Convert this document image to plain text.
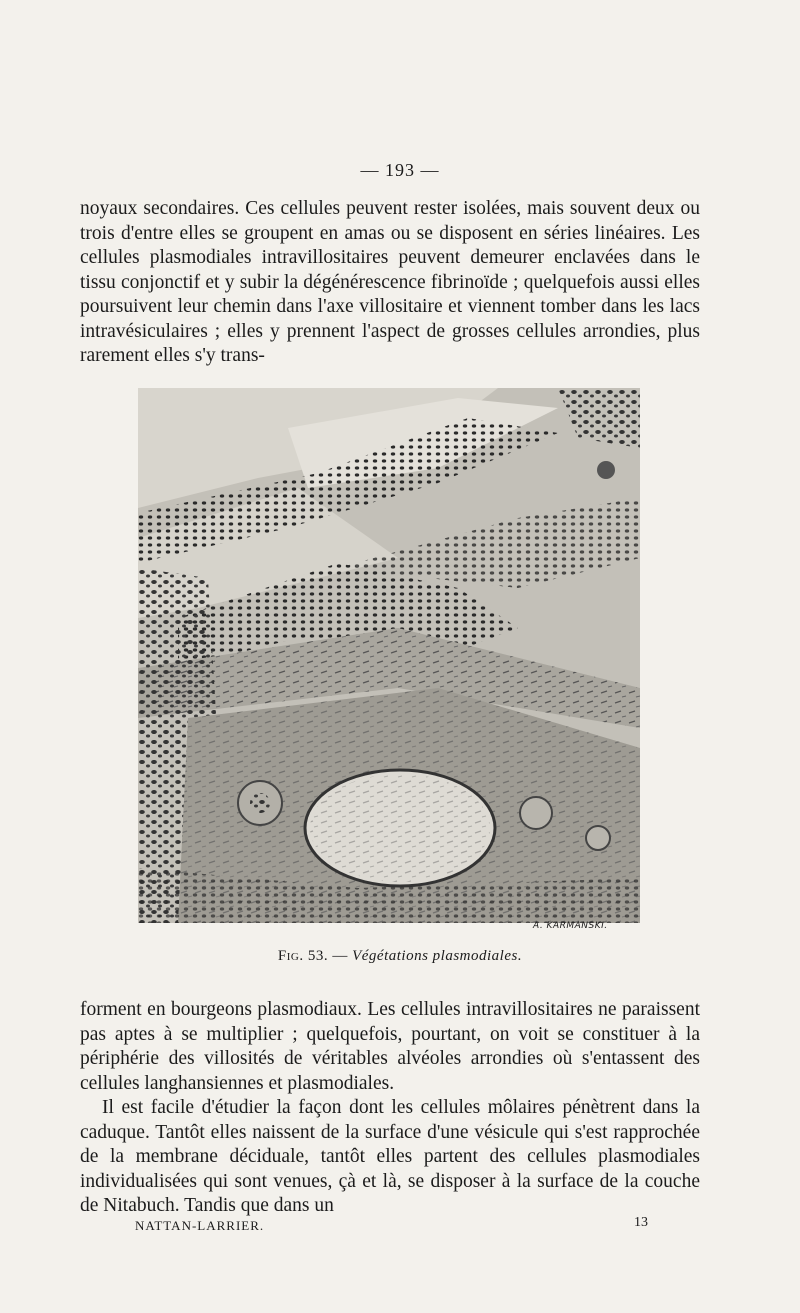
— 193 —

noyaux secondaires. Ces cellules peuvent rester isolées, mais souvent deux ou trois d'entre elles se groupent en amas ou se disposent en séries linéaires. Les cellules plasmodiales intravillositaires peuvent demeurer enclavées dans le tissu conjonctif et y subir la dégénérescence fibrinoïde ; quelquefois aussi elles poursuivent leur chemin dans l'axe villositaire et viennent tomber dans les lacs intravésiculaires ; elles y prennent l'aspect de grosses cellules arrondies, plus rarement elles s'y trans-

A. KARMANSKI.
Fig. 53. — Végétations plasmodiales.

forment en bourgeons plasmodiaux. Les cellules intravillositaires ne paraissent pas aptes à se multiplier ; quelquefois, pourtant, on voit se constituer à la périphérie des villosités de véritables alvéoles arrondies où s'entassent des cellules langhansiennes et plasmodiales.

Il est facile d'étudier la façon dont les cellules môlaires pénètrent dans la caduque. Tantôt elles naissent de la surface d'une vésicule qui s'est rapprochée de la membrane déciduale, tantôt elles partent des cellules plasmodiales individualisées qui sont venues, çà et là, se disposer à la surface de la couche de Nitabuch. Tandis que dans un

NATTAN-LARRIER.	13
